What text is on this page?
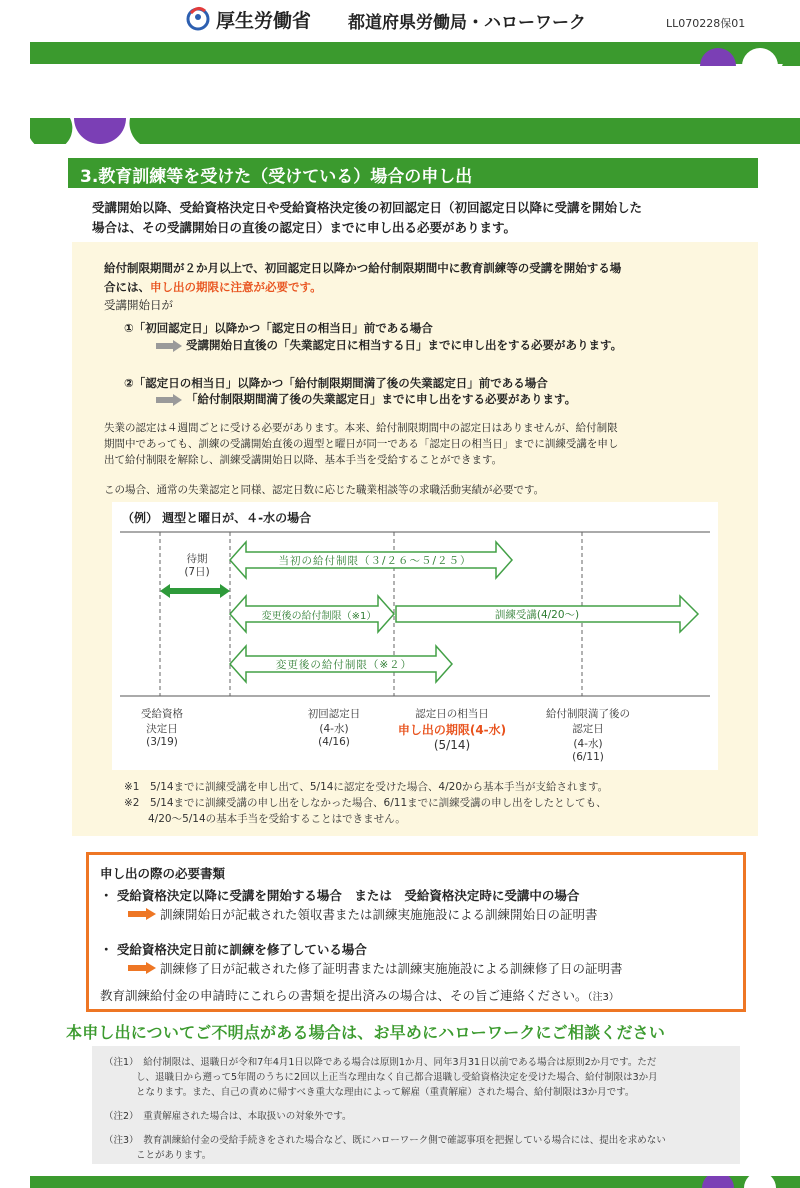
厚生労働省 都道府県労働局・ハローワーク	LL070228保01
3.教育訓練等を受けた（受けている）場合の申し出
受講開始以降、受給資格決定日や受給資格決定後の初回認定日（初回認定日以降に受講を開始した
場合は、その受講開始日の直後の認定日）までに申し出る必要があります。
給付制限期間が２か月以上で、初回認定日以降かつ給付制限期間中に教育訓練等の受講を開始する場
合には、申し出の期限に注意が必要です。
受講開始日が
①「初回認定日」以降かつ「認定日の相当日」前である場合
受講開始日直後の「失業認定日に相当する日」までに申し出をする必要があります。
②「認定日の相当日」以降かつ「給付制限期間満了後の失業認定日」前である場合
「給付制限期間満了後の失業認定日」までに申し出をする必要があります。
失業の認定は４週間ごとに受ける必要があります。本来、給付制限期間中の認定日はありませんが、給付制限
期間中であっても、訓練の受講開始直後の週型と曜日が同一である「認定日の相当日」までに訓練受講を申し
出て給付制限を解除し、訓練受講開始日以降、基本手当を受給することができます。
この場合、通常の失業認定と同様、認定日数に応じた職業相談等の求職活動実績が必要です。
（例） 週型と曜日が、４-水の場合
待期
(7日)
当初の給付制限（３/２６～５/２５）
変更後の給付制限（※1）	訓練受講(4/20～)
変更後の給付制限（※２）
受給資格
決定日
(3/19)
初回認定日
(4-水)
(4/16)
認定日の相当日
申し出の期限(4-水)
(5/14)
給付制限満了後の
認定日
(4-水)
(6/11)
※1　5/14までに訓練受講を申し出て、5/14に認定を受けた場合、4/20から基本手当が支給されます。
※2　5/14までに訓練受講の申し出をしなかった場合、6/11までに訓練受講の申し出をしたとしても、
4/20～5/14の基本手当を受給することはできません。
申し出の際の必要書類
・ 受給資格決定以降に受講を開始する場合　または　受給資格決定時に受講中の場合
訓練開始日が記載された領収書または訓練実施施設による訓練開始日の証明書
・ 受給資格決定日前に訓練を修了している場合
訓練修了日が記載された修了証明書または訓練実施施設による訓練修了日の証明書
教育訓練給付金の申請時にこれらの書類を提出済みの場合は、その旨ご連絡ください。（注3）
本申し出についてご不明点がある場合は、お早めにハローワークにご相談ください
（注1）　給付制限は、退職日が令和7年4月1日以降である場合は原則1か月、同年3月31日以前である場合は原則2か月です。ただ
し、退職日から遡って5年間のうちに2回以上正当な理由なく自己都合退職し受給資格決定を受けた場合、給付制限は3か月
となります。また、自己の責めに帰すべき重大な理由によって解雇（重責解雇）された場合、給付制限は3か月です。
（注2）　重責解雇された場合は、本取扱いの対象外です。
（注3）　教育訓練給付金の受給手続きをされた場合など、既にハローワーク側で確認事項を把握している場合には、提出を求めない
ことがあります。
